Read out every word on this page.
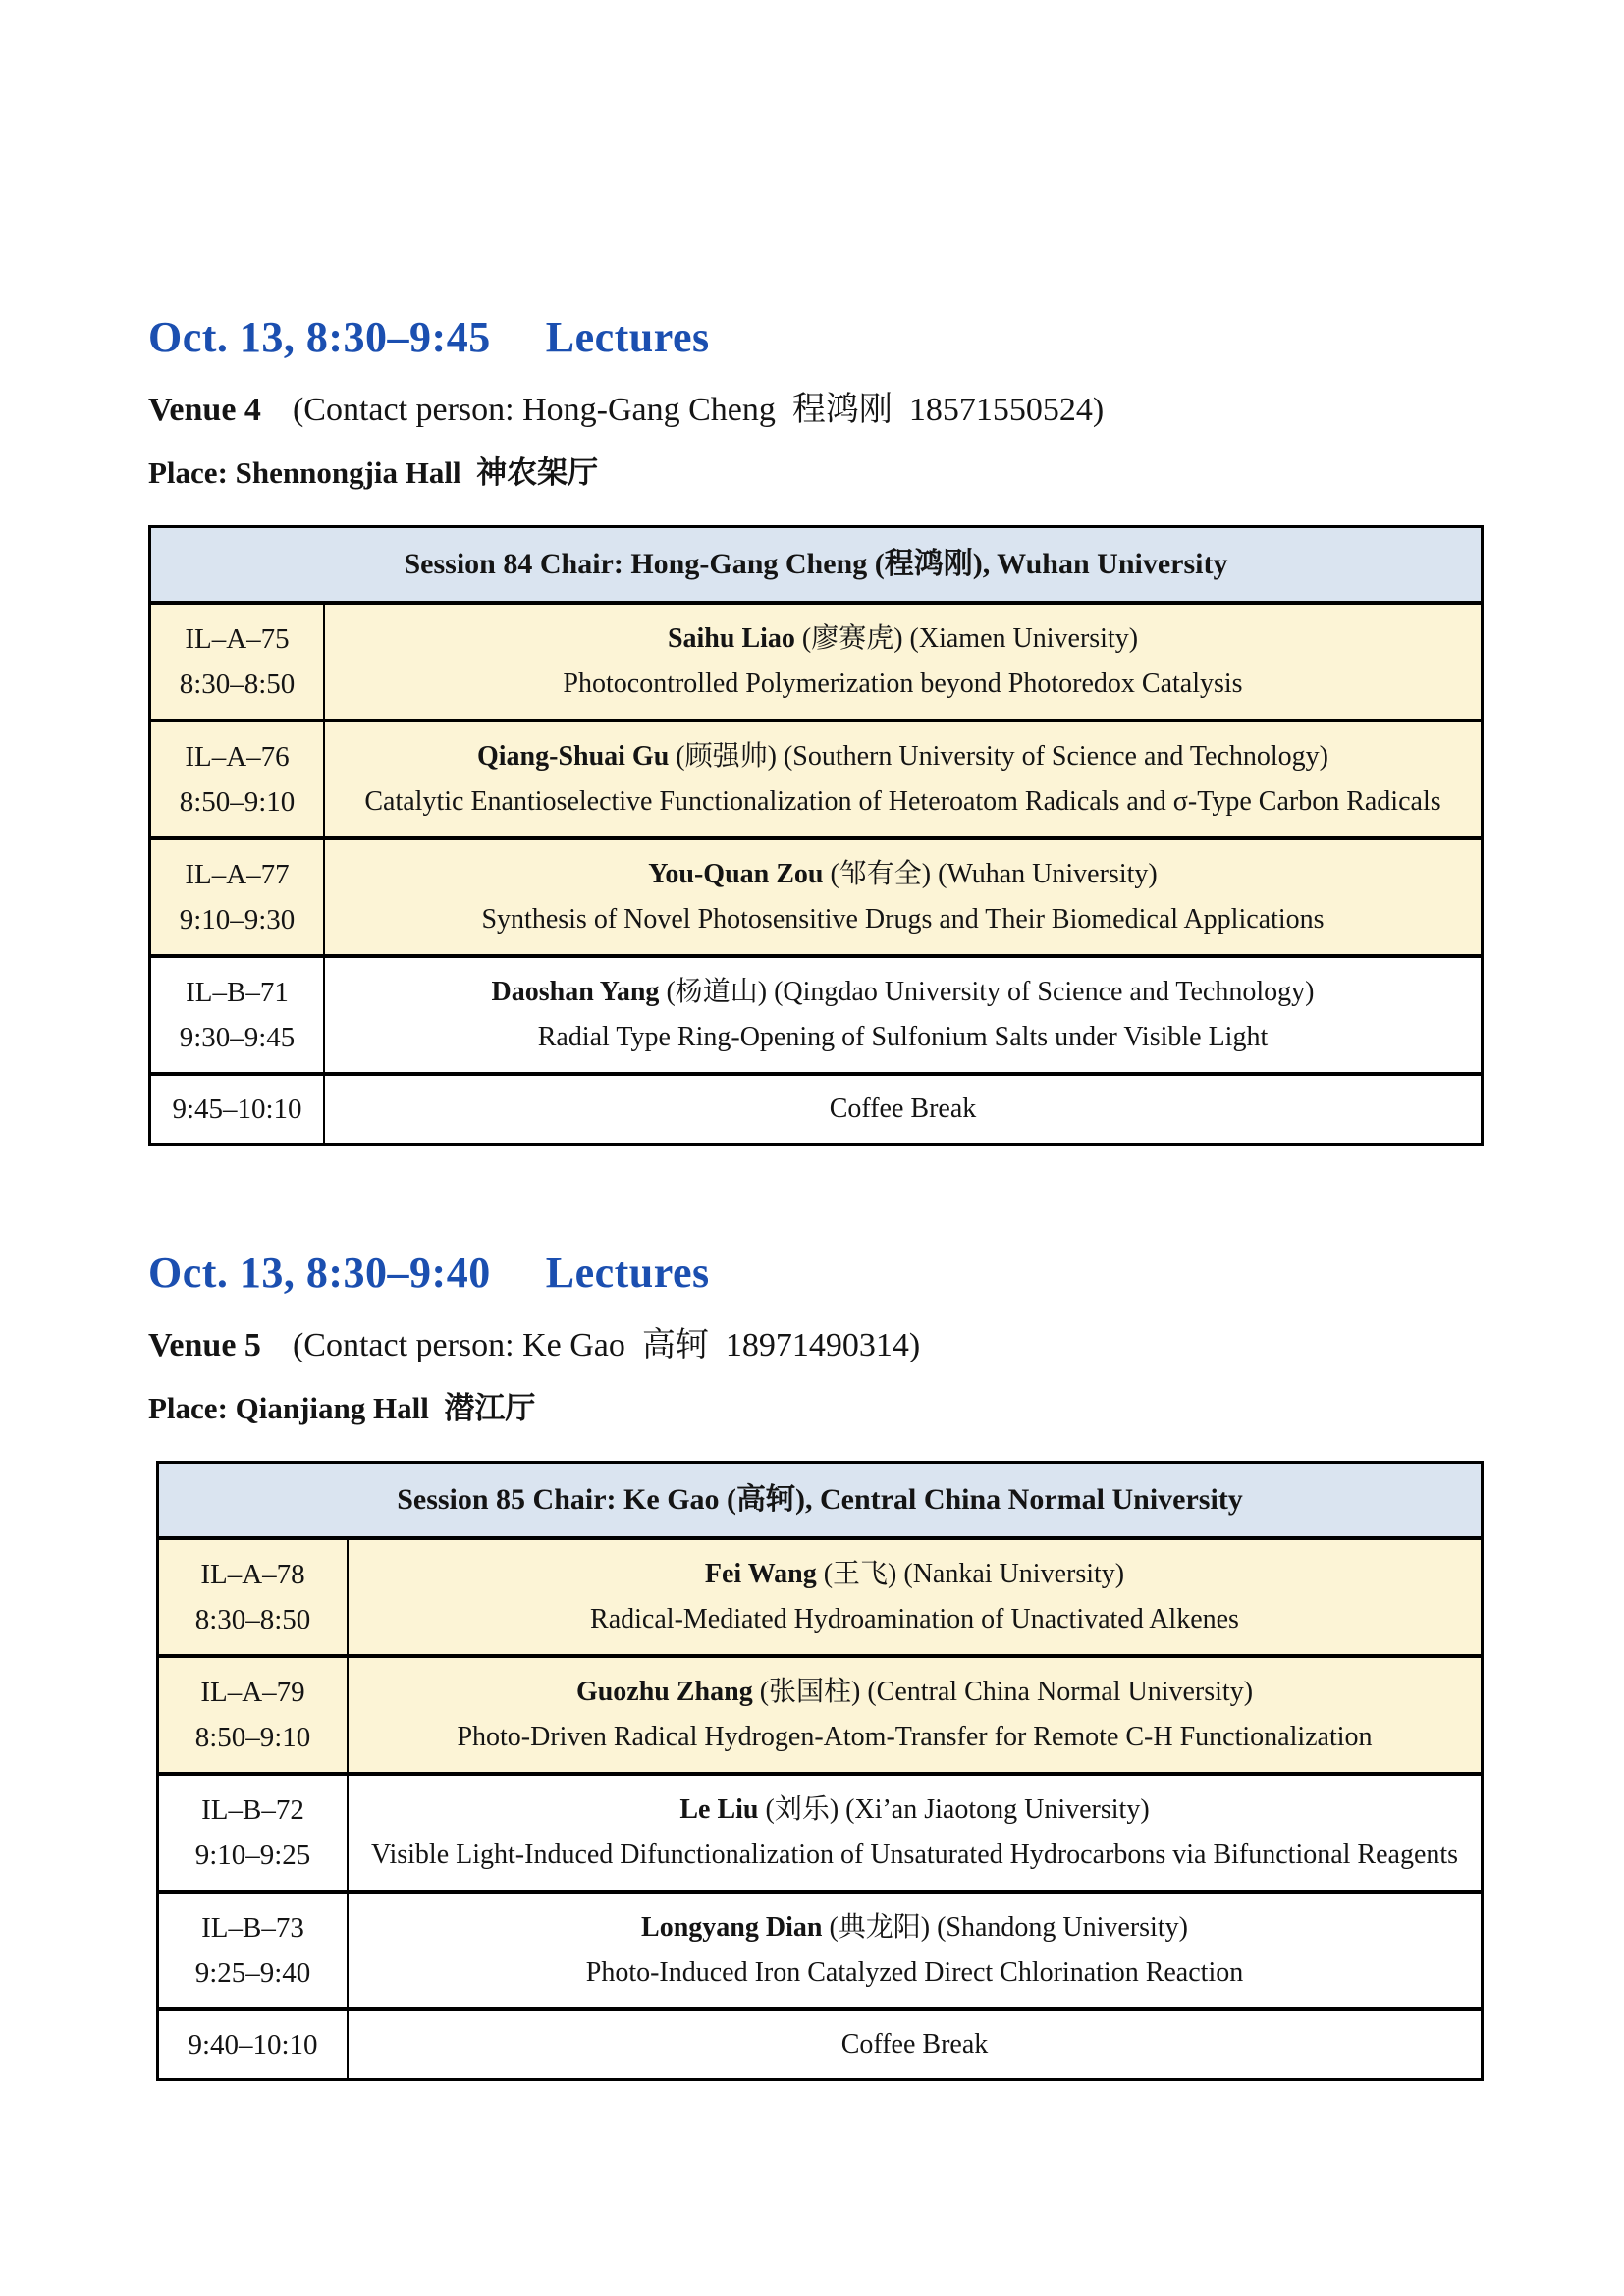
Oct. 13, 8:30–9:45 Lectures

Venue 4 (Contact person: Hong-Gang Cheng  程鸿刚  18571550524)

Place: Shennongjia Hall  神农架厅

Session 84 Chair: Hong-Gang Cheng (程鸿刚), Wuhan University
IL–A–75
8:30–8:50
Saihu Liao (廖赛虎) (Xiamen University)
Photocontrolled Polymerization beyond Photoredox Catalysis
IL–A–76
8:50–9:10
Qiang-Shuai Gu (顾强帅) (Southern University of Science and Technology)
Catalytic Enantioselective Functionalization of Heteroatom Radicals and σ-Type Carbon Radicals
IL–A–77
9:10–9:30
You-Quan Zou (邹有全) (Wuhan University)
Synthesis of Novel Photosensitive Drugs and Their Biomedical Applications
IL–B–71
9:30–9:45
Daoshan Yang (杨道山) (Qingdao University of Science and Technology)
Radial Type Ring-Opening of Sulfonium Salts under Visible Light
9:45–10:10	Coffee Break
Oct. 13, 8:30–9:40 Lectures

Venue 5 (Contact person: Ke Gao  高轲  18971490314)

Place: Qianjiang Hall  潜江厅

Session 85 Chair: Ke Gao (高轲), Central China Normal University
IL–A–78
8:30–8:50
Fei Wang (王飞) (Nankai University)
Radical-Mediated Hydroamination of Unactivated Alkenes
IL–A–79
8:50–9:10
Guozhu Zhang (张国柱) (Central China Normal University)
Photo-Driven Radical Hydrogen-Atom-Transfer for Remote C-H Functionalization
IL–B–72
9:10–9:25
Le Liu (刘乐) (Xi’an Jiaotong University)
Visible Light-Induced Difunctionalization of Unsaturated Hydrocarbons via Bifunctional Reagents
IL–B–73
9:25–9:40
Longyang Dian (典龙阳) (Shandong University)
Photo-Induced Iron Catalyzed Direct Chlorination Reaction
9:40–10:10	Coffee Break
